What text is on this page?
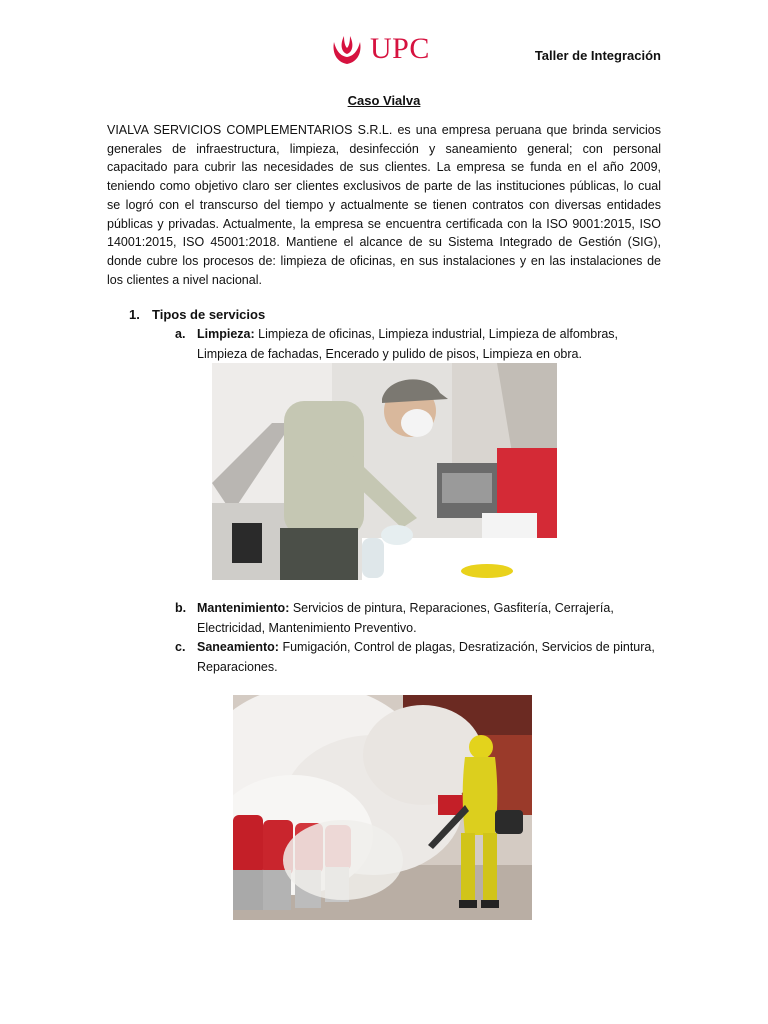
UPC	Taller de Integración
Caso Vialva

VIALVA SERVICIOS COMPLEMENTARIOS S.R.L. es una empresa peruana que brinda servicios generales de infraestructura, limpieza, desinfección y saneamiento general; con personal capacitado para cubrir las necesidades de sus clientes. La empresa se funda en el año 2009, teniendo como objetivo claro ser clientes exclusivos de parte de las instituciones públicas, lo cual se logró con el transcurso del tiempo y actualmente se tienen contratos con diversas entidades públicas y privadas. Actualmente, la empresa se encuentra certificada con la ISO 9001:2015, ISO 14001:2015, ISO 45001:2018. Mantiene el alcance de su Sistema Integrado de Gestión (SIG), donde cubre los procesos de: limpieza de oficinas, en sus instalaciones y en las instalaciones de los clientes a nivel nacional.

1. Tipos de servicios
a. Limpieza: Limpieza de oficinas, Limpieza industrial, Limpieza de alfombras, Limpieza de fachadas, Encerado y pulido de pisos, Limpieza en obra.
b. Mantenimiento: Servicios de pintura, Reparaciones, Gasfitería, Cerrajería, Electricidad, Mantenimiento Preventivo.
c. Saneamiento: Fumigación, Control de plagas, Desratización, Servicios de pintura, Reparaciones.
